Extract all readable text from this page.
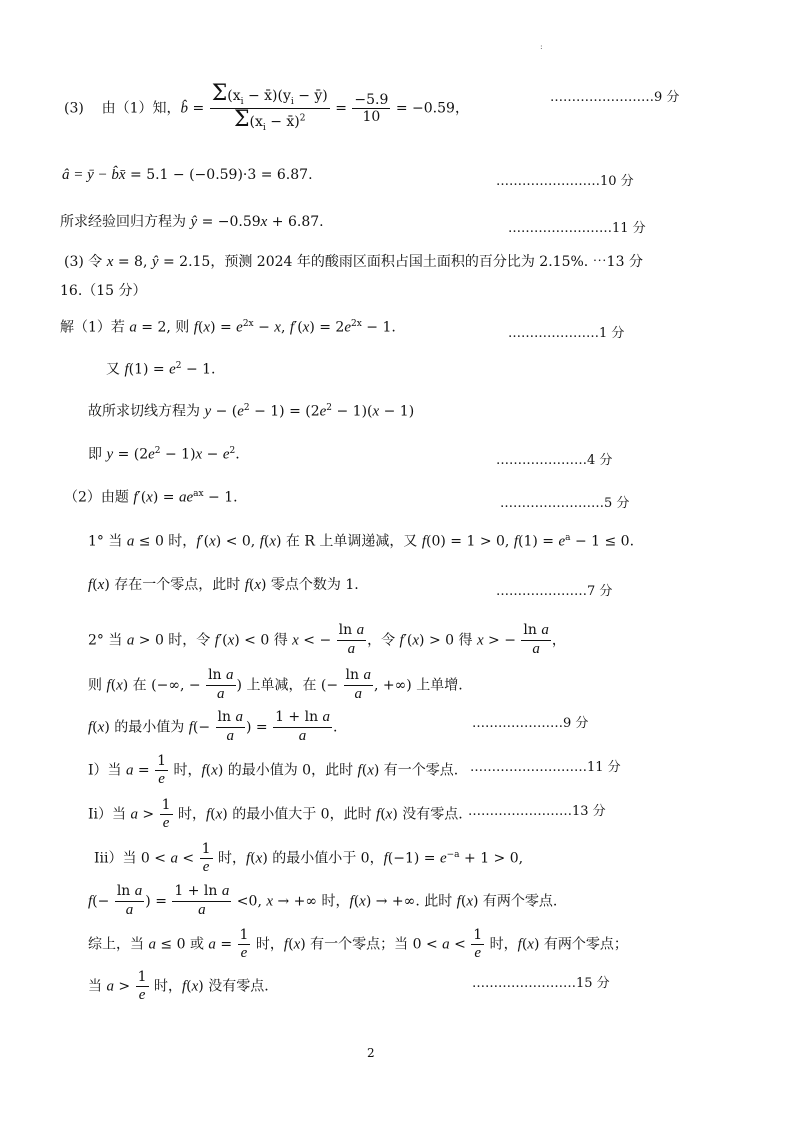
:
(3)    由（1）知，b̂ = $\frac{\Sigma(x_i - x̄)(y_i - ȳ)}{\Sigma(x_i - x̄)^2} = \frac{-5.9}{10} = -0.59$，
……………………9 分
â = ȳ − b̂x̄ = 5.1 − (−0.59)·3 = 6.87.	……………………10 分
所求经验回归方程为 ŷ = −0.59x + 6.87.	……………………11 分
(3) 令 x = 8, ŷ = 2.15，预测 2024 年的酸雨区面积占国土面积的百分比为 2.15%. ⋯13 分
16.（15 分）
解（1）若 a = 2, 则 $f(x) = e^{2x} - x$, $f'(x) = 2e^{2x} - 1$.	…………………1 分
又 $f(1) = e^2 - 1$.
故所求切线方程为 $y - (e^2 - 1) = (2e^2 - 1)(x - 1)$
即 $y = (2e^2 - 1)x - e^2$.	…………………4 分
（2）由题 $f'(x) = ae^{ax} - 1$.	……………………5 分
1° 当 a ≤ 0 时，f′(x) < 0, f(x) 在 R 上单调递减，又 f(0) = 1 > 0, $f(1) = e^a - 1 \le 0$.
f(x) 存在一个零点，此时 f(x) 零点个数为 1.	…………………7 分
2° 当 a > 0 时，令 f′(x) < 0 得 x < − $\frac{\text{ln a}}{a}$ ，令 f′(x) > 0 得 x > − $\frac{\text{ln a}}{a}$ ，
则 f(x) 在 (−∞, − $\frac{\text{ln a}}{a}$ ) 上单减，在 (− $\frac{\text{ln a}}{a}$ , +∞) 上单增.
f(x) 的最小值为 $f(- \frac{\text{ln a}}{a}$ ) = $\frac{\text{1 + ln a}}{a}$ .	…………………9 分
I）当 $a = \frac{1}{e}$ 时，f(x) 的最小值为 0，此时 f(x) 有一个零点. ………………………11 分
Ii）当 $a > \frac{1}{e}$ 时，f(x) 的最小值大于 0，此时 f(x) 没有零点. ……………………13 分
Iii）当 $0 < a < \frac{1}{e}$ 时，f(x) 的最小值小于 0，$f(-1) = e^{-a} + 1 > 0$,
$f(- \frac{\text{ln a}}{a}$ ) = $\frac{\text{1 + ln a}}{a} <0$, x → +∞ 时，f(x) → +∞. 此时 f(x) 有两个零点.
综上，当 a ≤ 0 或 $a = \frac{1}{e}$ 时，f(x) 有一个零点；当 $0 < a < \frac{1}{e}$ 时，f(x) 有两个零点；
当 $a > \frac{1}{e}$ 时，f(x) 没有零点.	……………………15 分
2
